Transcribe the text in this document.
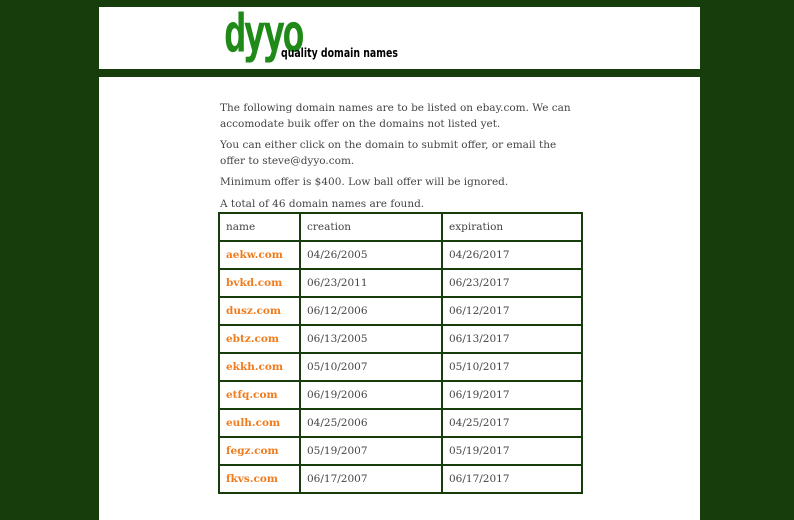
dyyo
quality domain names
The following domain names are to be listed on ebay.com. We can accomodate buik offer on the domains not listed yet.
You can either click on the domain to submit offer, or email the offer to steve@dyyo.com.
Minimum offer is $400. Low ball offer will be ignored.
A total of 46 domain names are found.
name	creation	expiration
aekw.com	04/26/2005	04/26/2017
bvkd.com	06/23/2011	06/23/2017
dusz.com	06/12/2006	06/12/2017
ebtz.com	06/13/2005	06/13/2017
ekkh.com	05/10/2007	05/10/2017
etfq.com	06/19/2006	06/19/2017
eulh.com	04/25/2006	04/25/2017
fegz.com	05/19/2007	05/19/2017
fkvs.com	06/17/2007	06/17/2017
